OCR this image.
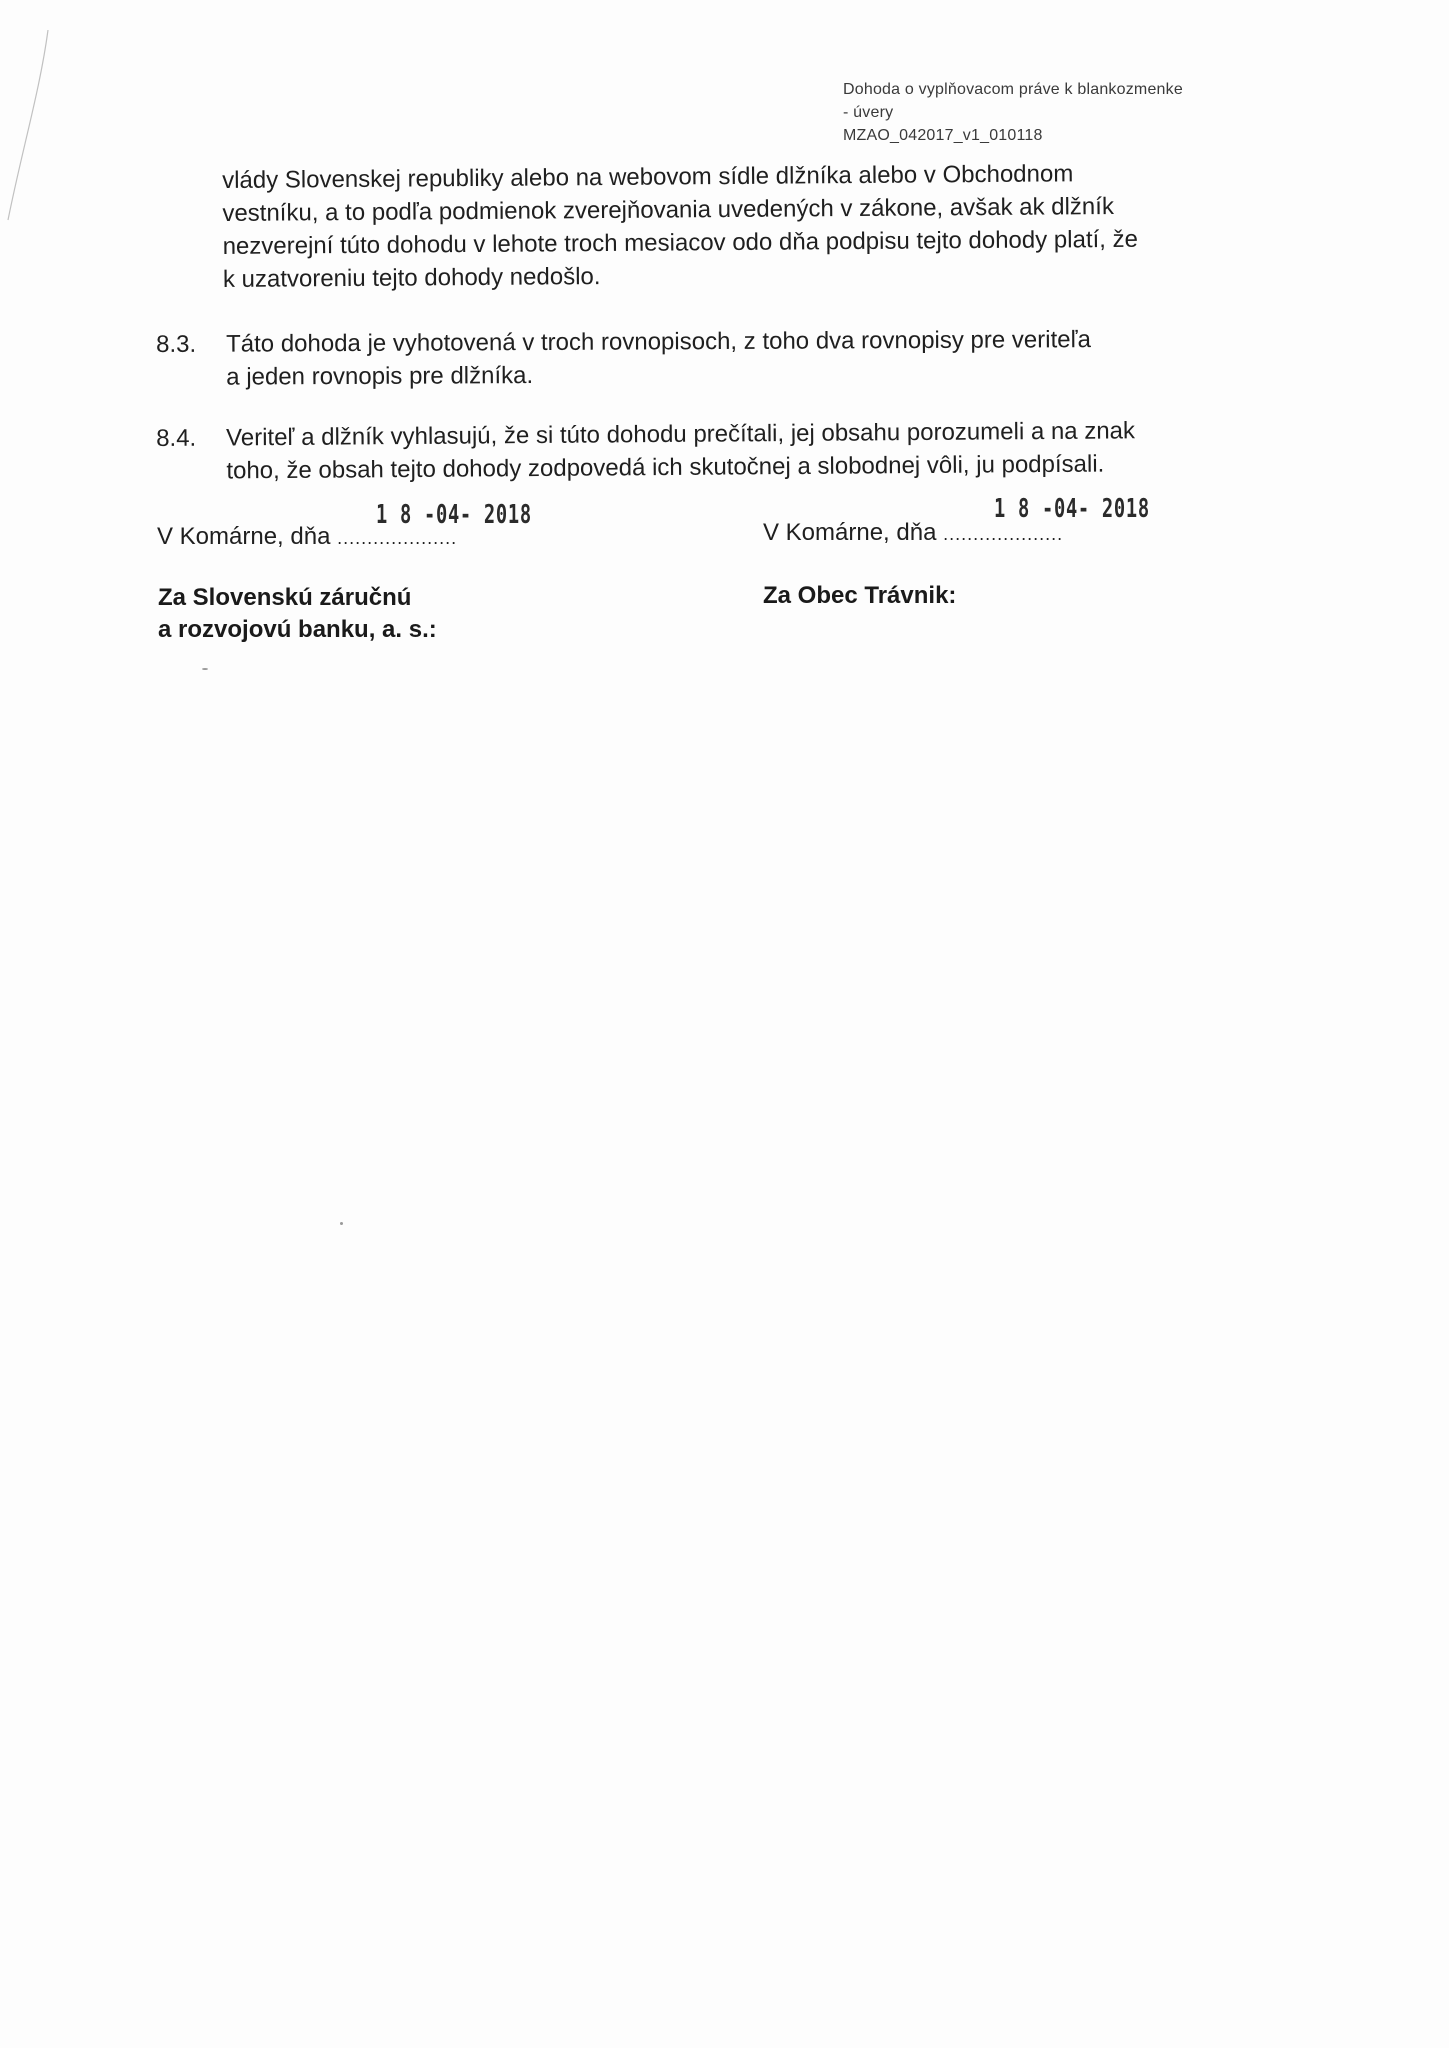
Dohoda o vyplňovacom práve k blankozmenke
- úvery
MZAO_042017_v1_010118
vlády Slovenskej republiky alebo na webovom sídle dlžníka alebo v Obchodnom
vestníku, a to podľa podmienok zverejňovania uvedených v zákone, avšak ak dlžník
nezverejní túto dohodu v lehote troch mesiacov odo dňa podpisu tejto dohody platí, že
k uzatvoreniu tejto dohody nedošlo.
8.3. Táto dohoda je vyhotovená v troch rovnopisoch, z toho dva rovnopisy pre veriteľa
a jeden rovnopis pre dlžníka.
8.4. Veriteľ a dlžník vyhlasujú, že si túto dohodu prečítali, jej obsahu porozumeli a na znak
toho, že obsah tejto dohody zodpovedá ich skutočnej a slobodnej vôli, ju podpísali.
1 8 -04- 2018
V Komárne, dňa ....................
1 8 -04- 2018
V Komárne, dňa ....................
Za Slovenskú záručnú
a rozvojovú banku, a. s.:
Za Obec Trávnik:
